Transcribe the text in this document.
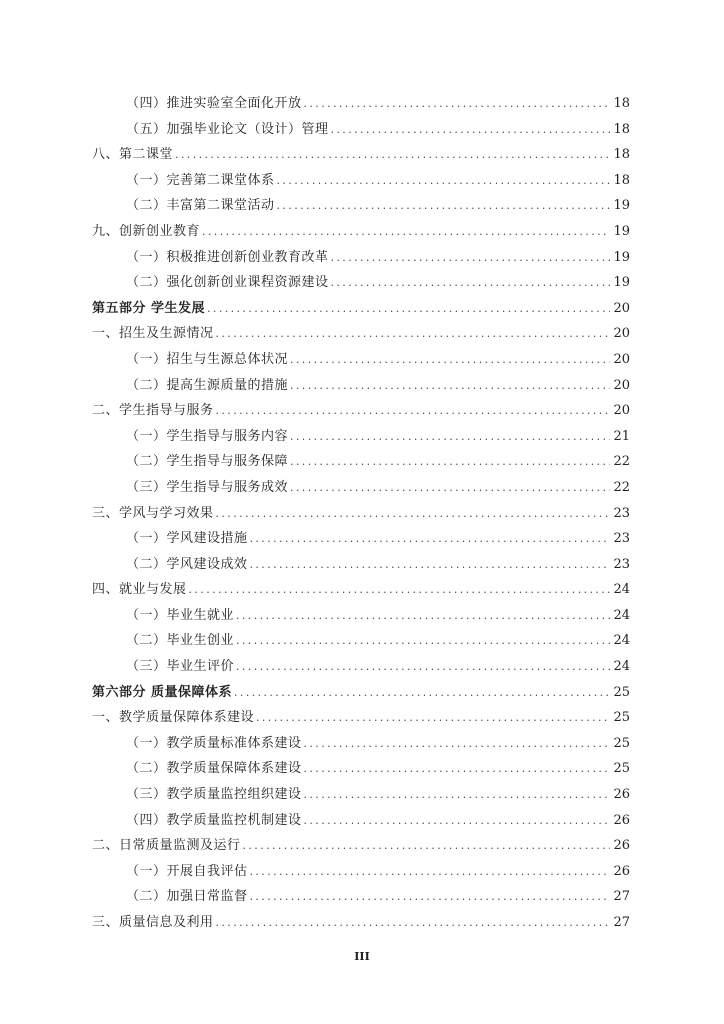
（四）推进实验室全面化开放 .....	18
（五）加强毕业论文（设计）管理 .....	18
八、第二课堂 .....	18
（一）完善第二课堂体系 .....	18
（二）丰富第二课堂活动 .....	19
九、创新创业教育 .....	19
（一）积极推进创新创业教育改革 .....	19
（二）强化创新创业课程资源建设 .....	19
第五部分 学生发展 .....	20
一、招生及生源情况 .....	20
（一）招生与生源总体状况 .....	20
（二）提高生源质量的措施 .....	20
二、学生指导与服务 .....	20
（一）学生指导与服务内容 .....	21
（二）学生指导与服务保障 .....	22
（三）学生指导与服务成效 .....	22
三、学风与学习效果 .....	23
（一）学风建设措施 .....	23
（二）学风建设成效 .....	23
四、就业与发展 .....	24
（一）毕业生就业 .....	24
（二）毕业生创业 .....	24
（三）毕业生评价 .....	24
第六部分 质量保障体系 .....	25
一、教学质量保障体系建设 .....	25
（一）教学质量标准体系建设 .....	25
（二）教学质量保障体系建设 .....	25
（三）教学质量监控组织建设 .....	26
（四）教学质量监控机制建设 .....	26
二、日常质量监测及运行 .....	26
（一）开展自我评估 .....	26
（二）加强日常监督 .....	27
三、质量信息及利用 .....	27
III
